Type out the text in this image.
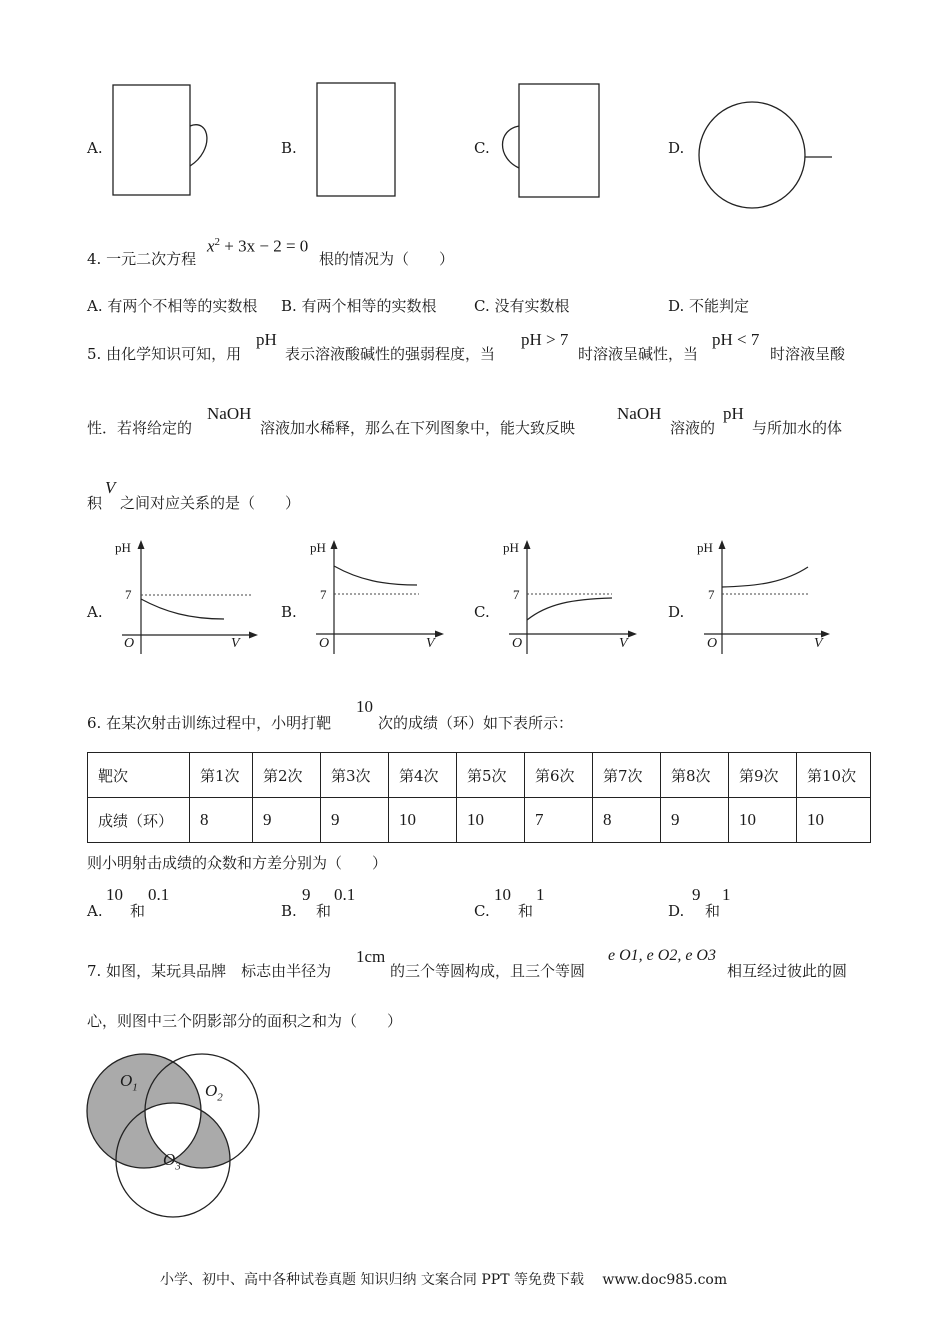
A.	B.	C.	D.
4. 一元二次方程
$x^2 + 3x - 2 = 0$
根的情况为（　　）
A. 有两个不相等的实数根 B. 有两个相等的实数根 C. 没有实数根	D. 不能判定
5. 由化学知识可知，用
pH
表示溶液酸碱性的强弱程度，当
pH > 7
时溶液呈碱性，当
pH < 7
时溶液呈酸
性．若将给定的
NaOH
溶液加水稀释，那么在下列图象中，能大致反映
NaOH
溶液的
pH
与所加水的体
积
V
之间对应关系的是（　　）
A.
pH
7
O	V
B.
pH
7
O	V
C.
pH
7
O	V
D.
pH
7
O	V
6. 在某次射击训练过程中，小明打靶
10
次的成绩（环）如下表所示：
靶次	第1次	第2次	第3次	第4次	第5次	第6次	第7次	第8次	第9次	第10次
成绩（环）	8	9	9	10	10	7	8	9	10	10
则小明射击成绩的众数和方差分别为（　　）
A.
10
和
0.1
B.
9
和
0.1
C.
10
和
1
D.
9
和
1
7. 如图，某玩具品牌　标志由半径为
1cm
的三个等圆构成，且三个等圆
e O1, e O2, e O3
相互经过彼此的圆
心，则图中三个阴影部分的面积之和为（　　）
$O_1$	$O_2$
$O_3$
小学、初中、高中各种试卷真题 知识归纳 文案合同 PPT 等免费下载　 www.doc985.com
